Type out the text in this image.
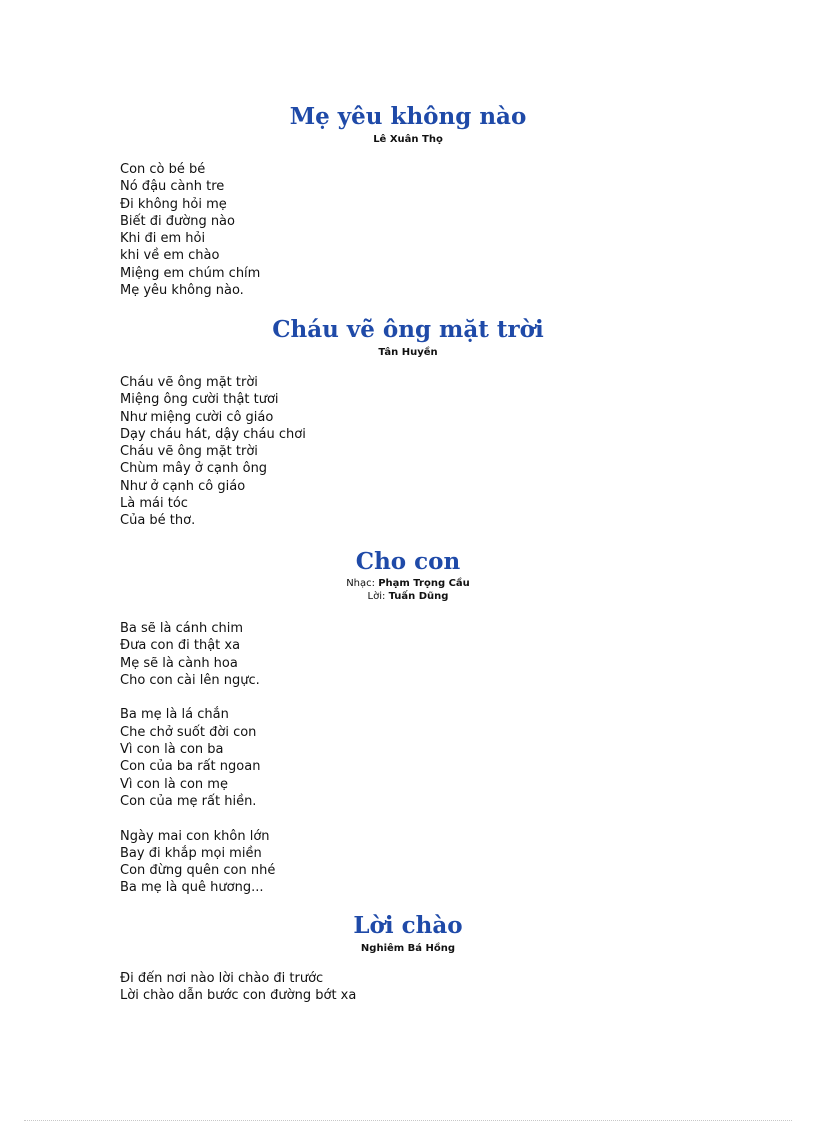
Mẹ yêu không nào
Lê Xuân Thọ
Con cò bé bé
Nó đậu cành tre
Đi không hỏi mẹ
Biết đi đường nào
Khi đi em hỏi
khi về em chào
Miệng em chúm chím
Mẹ yêu không nào.
Cháu vẽ ông mặt trời
Tân Huyền
Cháu vẽ ông mặt trời
Miệng ông cười thật tươi
Như miệng cười cô giáo
Dạy cháu hát, dậy cháu chơi
Cháu vẽ ông mặt trời
Chùm mây ở cạnh ông
Như ở cạnh cô giáo
Là mái tóc
Của bé thơ.
Cho con
Nhạc: Phạm Trọng Cầu
Lời: Tuấn Dũng
Ba sẽ là cánh chim
Đưa con đi thật xa
Mẹ sẽ là cành hoa
Cho con cài lên ngực.
Ba mẹ là lá chắn
Che chở suốt đời con
Vì con là con ba
Con của ba rất ngoan
Vì con là con mẹ
Con của mẹ rất hiền.
Ngày mai con khôn lớn
Bay đi khắp mọi miền
Con đừng quên con nhé
Ba mẹ là quê hương...
Lời chào
Nghiêm Bá Hồng
Đi đến nơi nào lời chào đi trước
Lời chào dẫn bước con đường bớt xa
